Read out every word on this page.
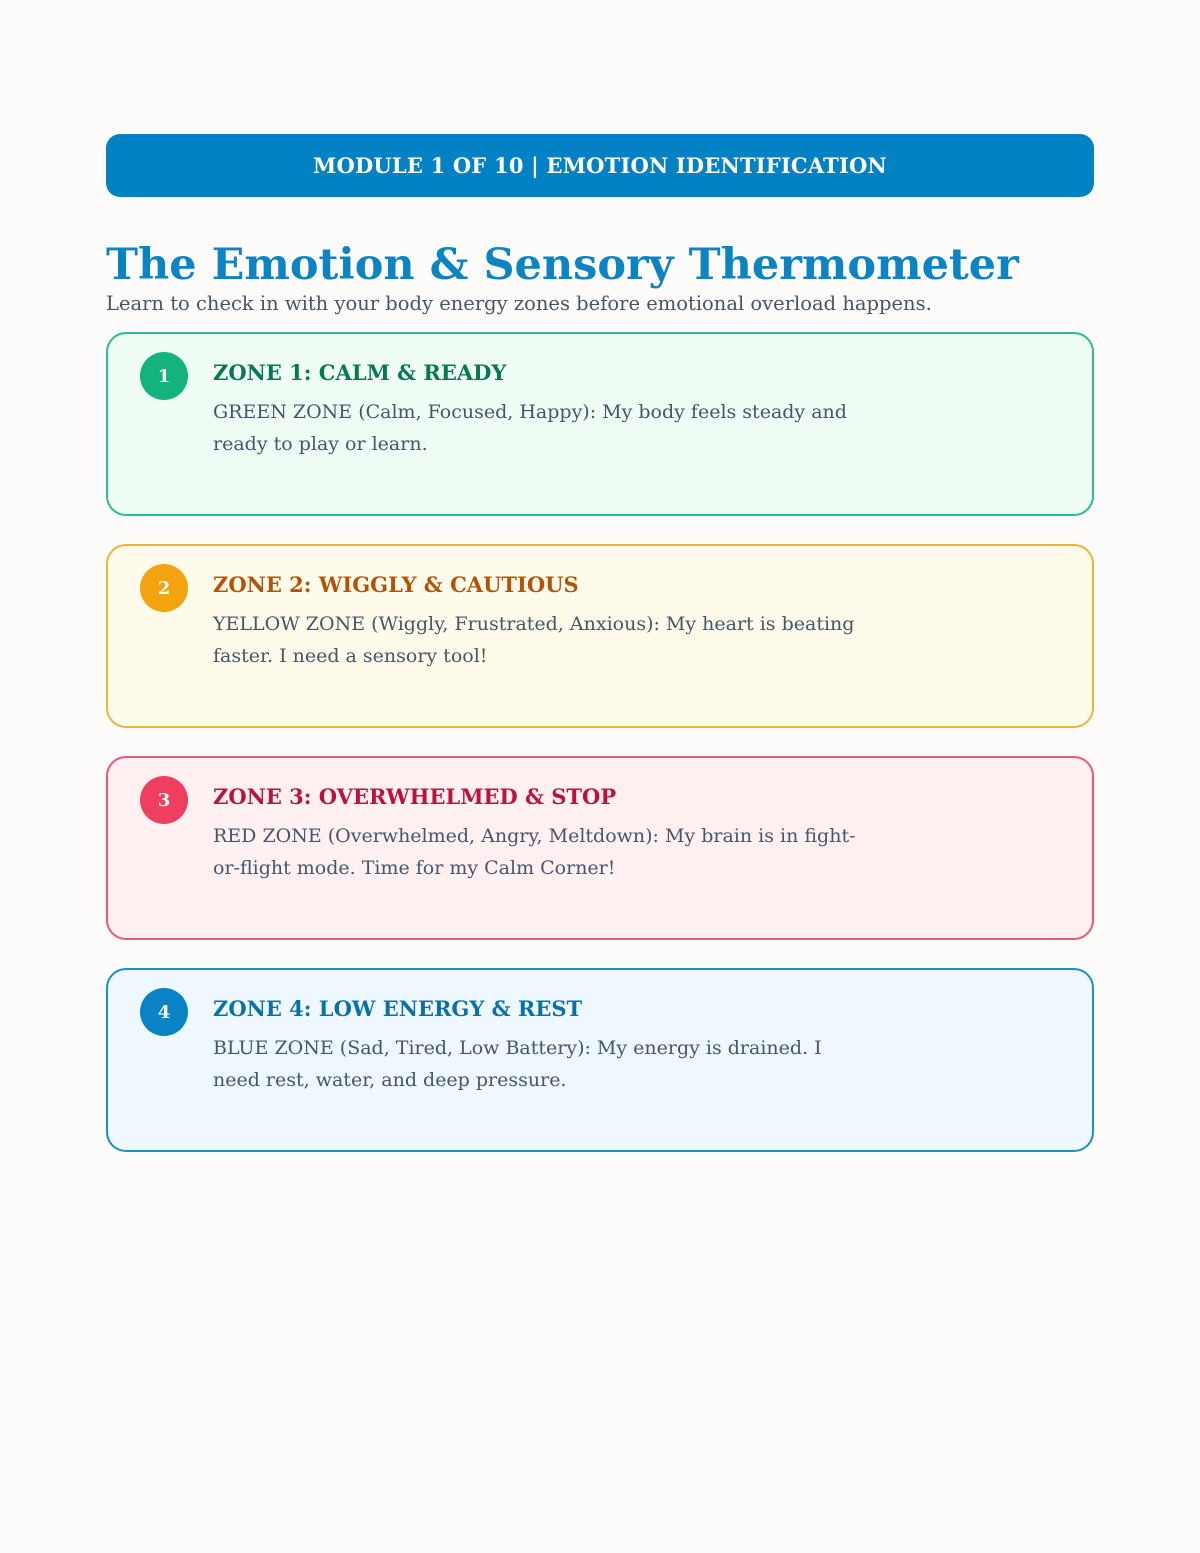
MODULE 1 OF 10 | EMOTION IDENTIFICATION
The Emotion & Sensory Thermometer

Learn to check in with your body energy zones before emotional overload happens.

1	ZONE 1: CALM & READY
GREEN ZONE (Calm, Focused, Happy): My body feels steady and ready to play or learn.
2	ZONE 2: WIGGLY & CAUTIOUS
YELLOW ZONE (Wiggly, Frustrated, Anxious): My heart is beating faster. I need a sensory tool!
3	ZONE 3: OVERWHELMED & STOP
RED ZONE (Overwhelmed, Angry, Meltdown): My brain is in fight-or-flight mode. Time for my Calm Corner!
4	ZONE 4: LOW ENERGY & REST
BLUE ZONE (Sad, Tired, Low Battery): My energy is drained. I need rest, water, and deep pressure.
